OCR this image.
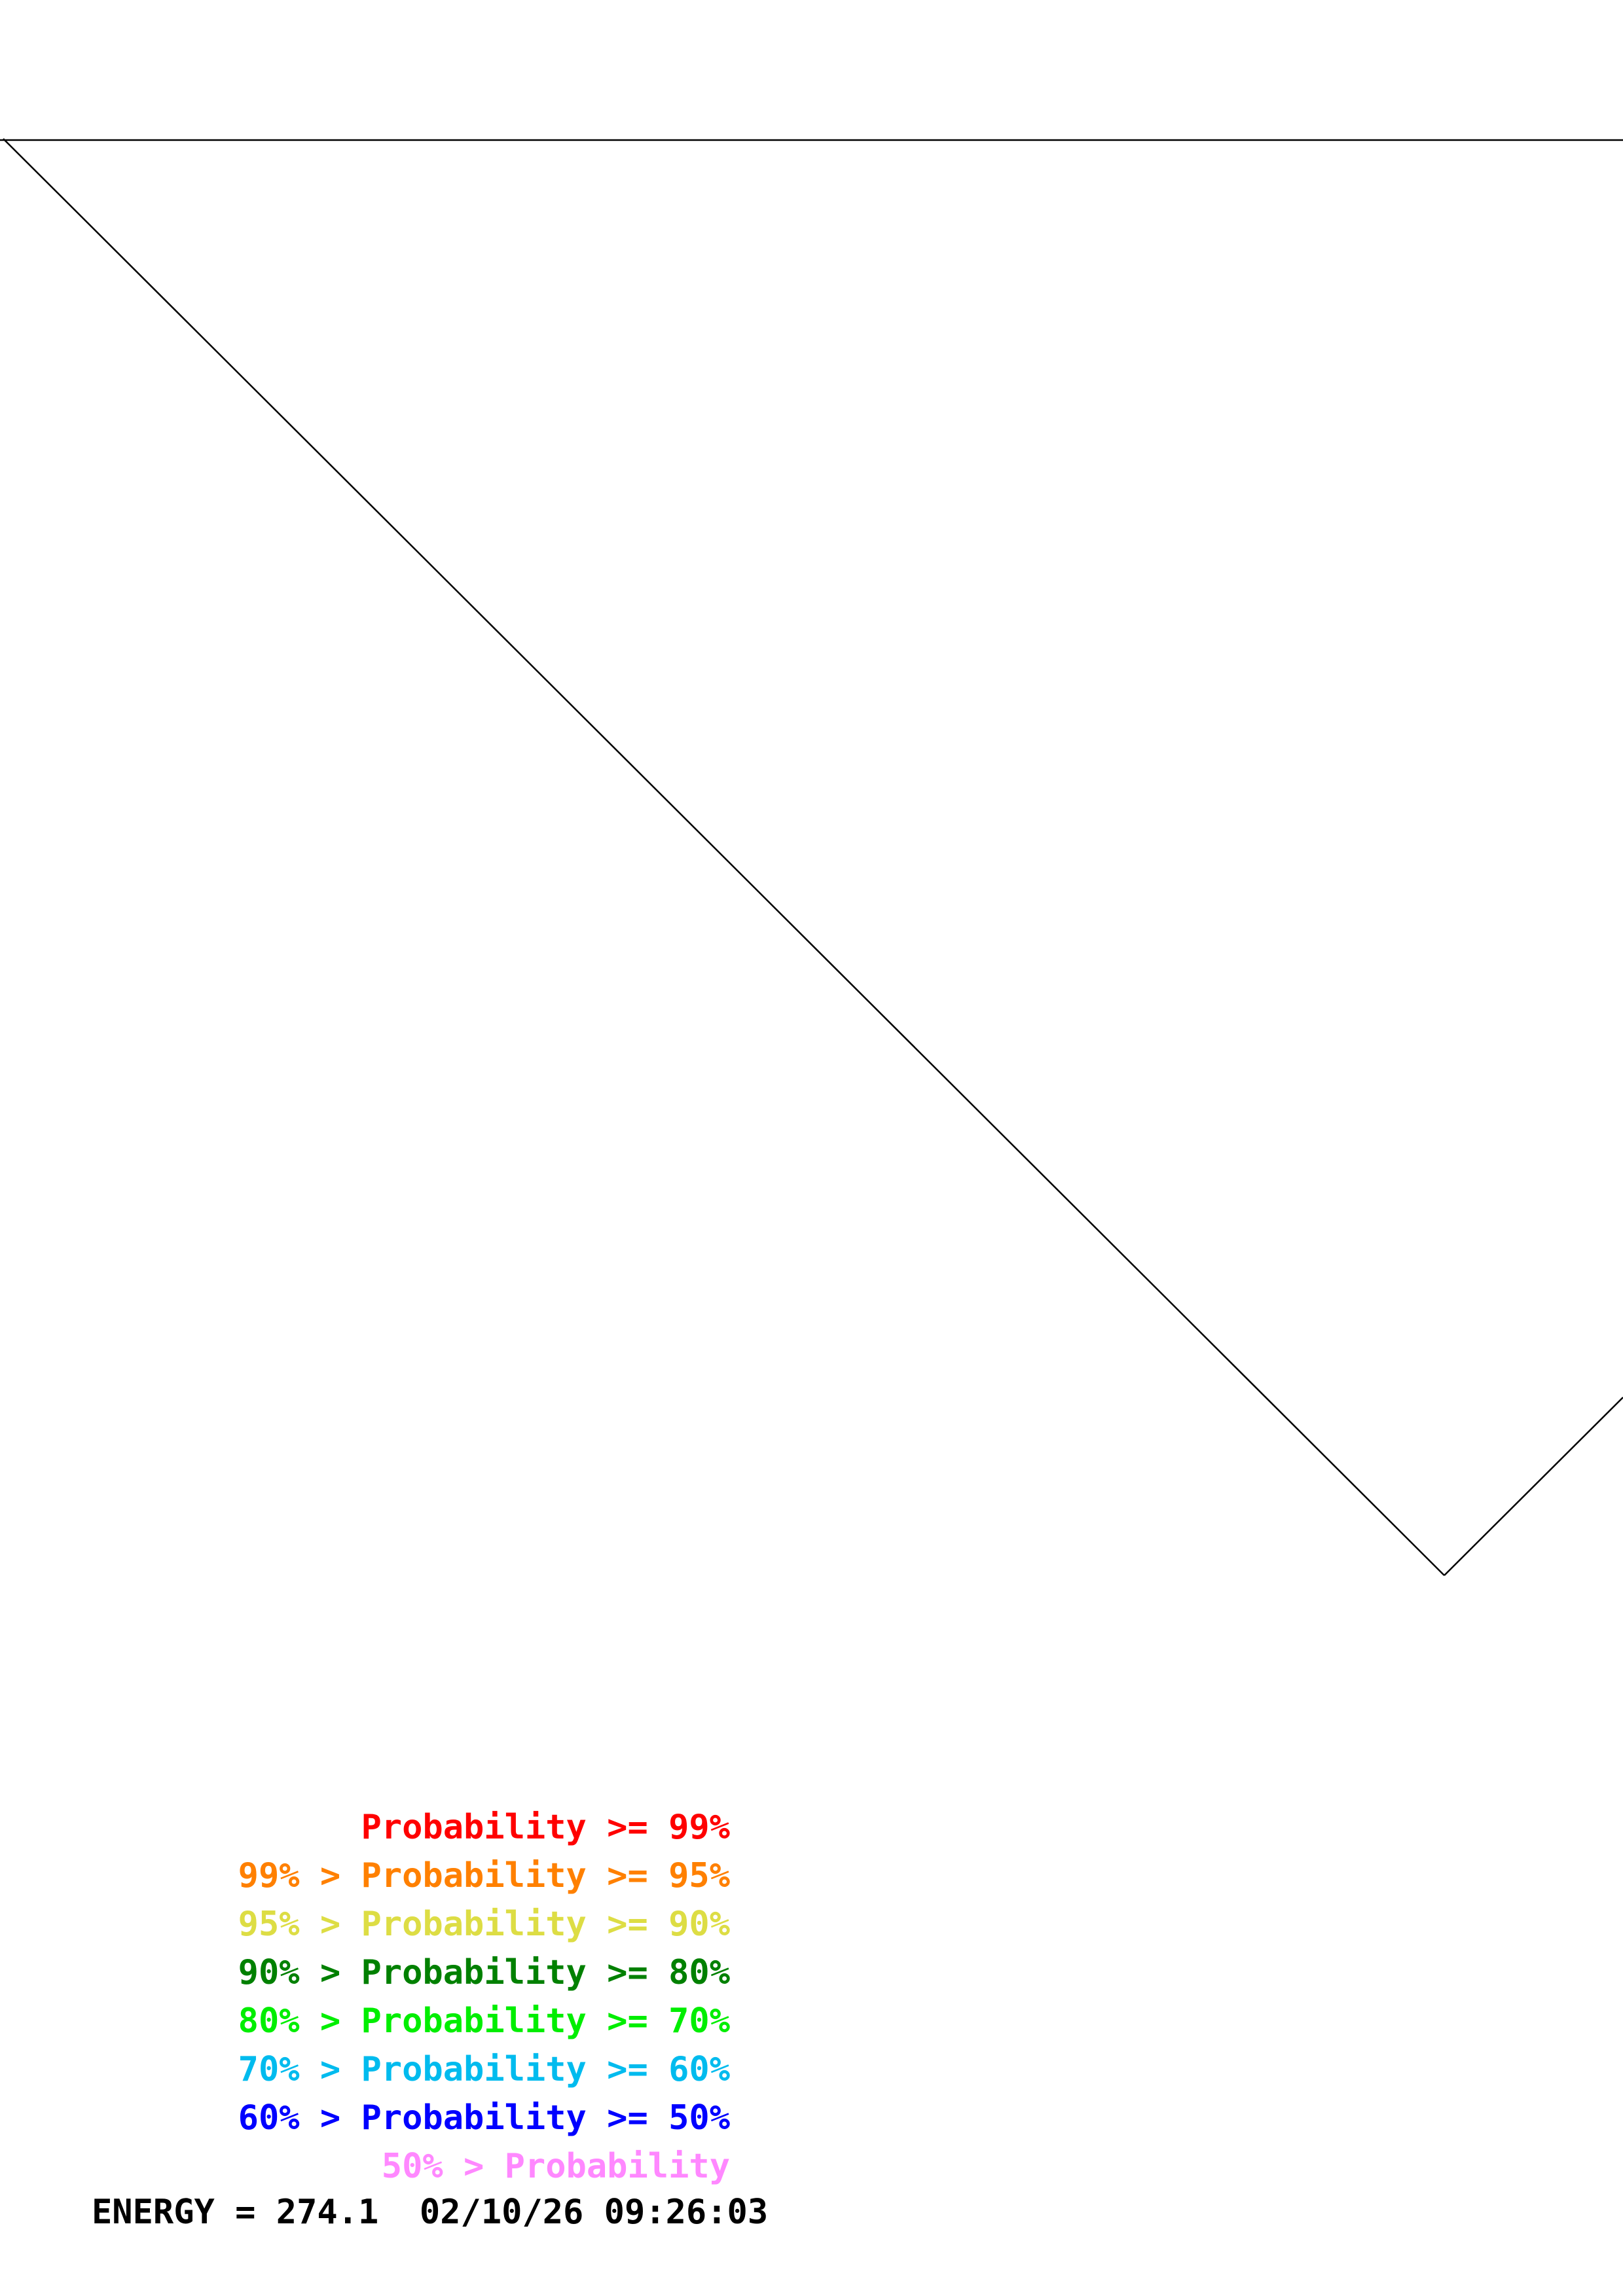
Probability >= 99%
99% > Probability >= 95%
95% > Probability >= 90%
90% > Probability >= 80%
80% > Probability >= 70%
70% > Probability >= 60%
60% > Probability >= 50%
50% > Probability
ENERGY = 274.1  02/10/26 09:26:03
